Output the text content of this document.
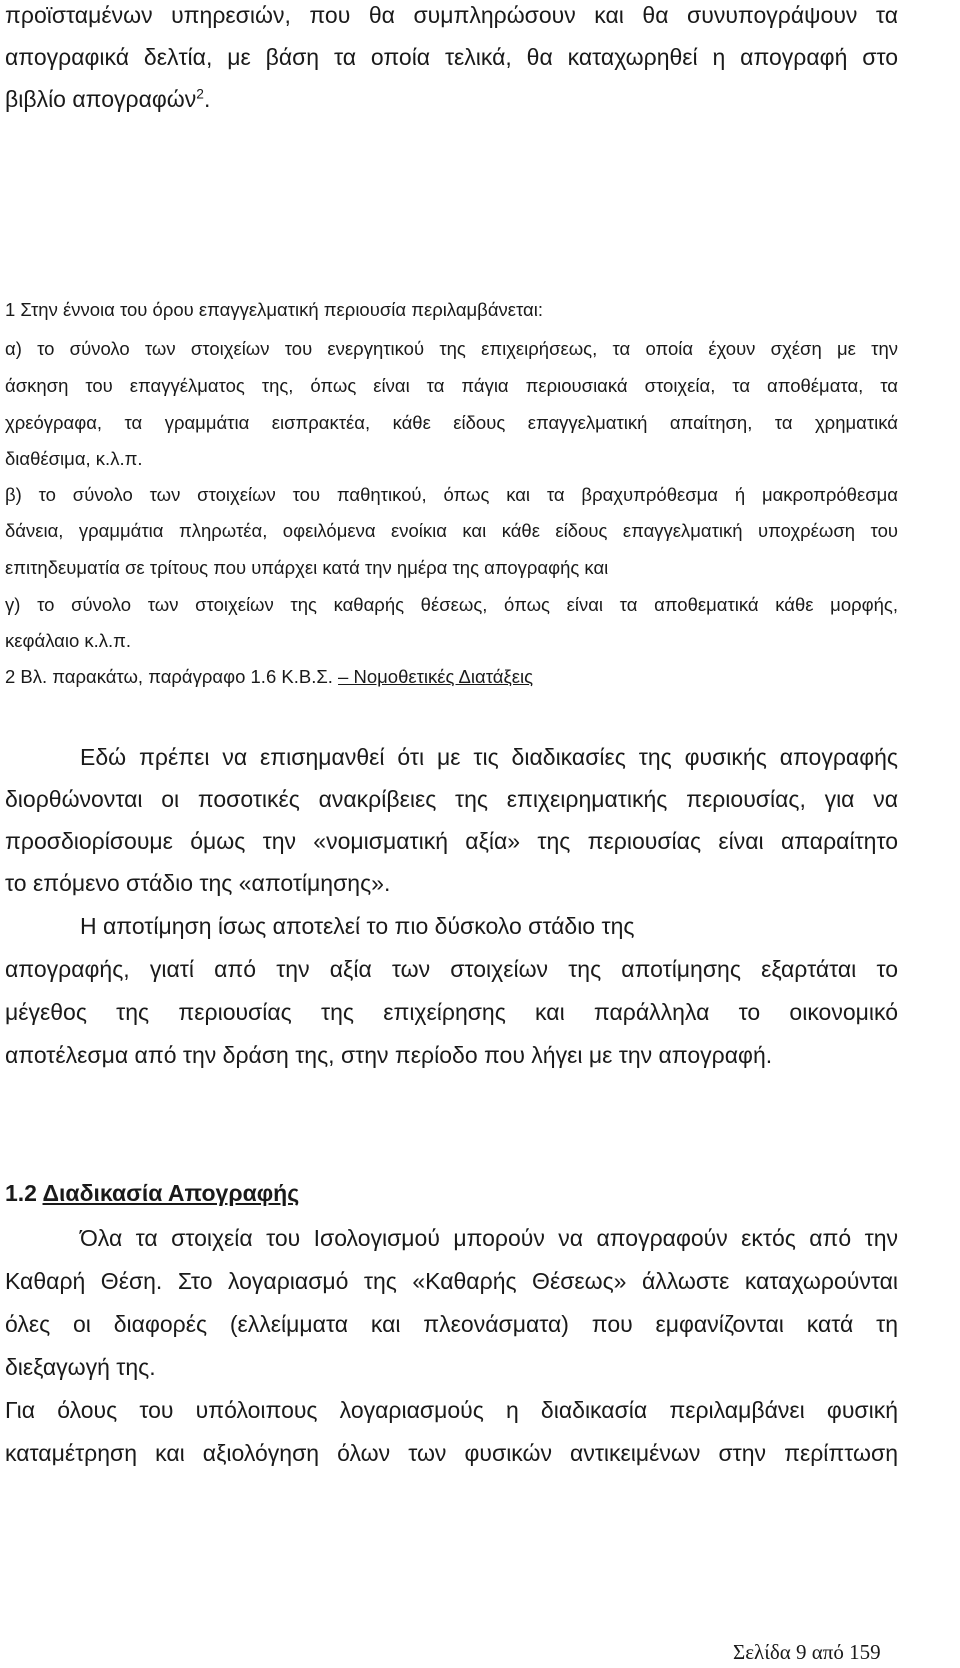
προϊσταμένων υπηρεσιών, που θα συμπληρώσουν και θα συνυπογράψουν τα

απογραφικά δελτία, με βάση τα οποία τελικά, θα καταχωρηθεί η απογραφή στο

βιβλίο απογραφών$^2$.

1 Στην έννοια του όρου επαγγελματική περιουσία περιλαμβάνεται:

α) το σύνολο των στοιχείων του ενεργητικού της επιχειρήσεως, τα οποία έχουν σχέση με την

άσκηση του επαγγέλματος της, όπως είναι τα πάγια περιουσιακά στοιχεία, τα αποθέματα, τα

χρεόγραφα, τα γραμμάτια εισπρακτέα, κάθε είδους επαγγελματική απαίτηση, τα χρηματικά

διαθέσιμα, κ.λ.π.

β) το σύνολο των στοιχείων του παθητικού, όπως και τα βραχυπρόθεσμα ή μακροπρόθεσμα

δάνεια, γραμμάτια πληρωτέα, οφειλόμενα ενοίκια και κάθε είδους επαγγελματική υποχρέωση του

επιτηδευματία σε τρίτους που υπάρχει κατά την ημέρα της απογραφής και

γ) το σύνολο των στοιχείων της καθαρής θέσεως, όπως είναι τα αποθεματικά κάθε μορφής,

κεφάλαιο κ.λ.π.

2 Βλ. παρακάτω, παράγραφο 1.6 Κ.Β.Σ. – Νομοθετικές Διατάξεις

Εδώ πρέπει να επισημανθεί ότι με τις διαδικασίες της φυσικής απογραφής

διορθώνονται οι ποσοτικές ανακρίβειες της επιχειρηματικής περιουσίας, για να

προσδιορίσουμε όμως την «νομισματική αξία» της περιουσίας είναι απαραίτητο

το επόμενο στάδιο της «αποτίμησης».

Η αποτίμηση ίσως αποτελεί το πιο δύσκολο στάδιο της

απογραφής, γιατί από την αξία των στοιχείων της αποτίμησης εξαρτάται το

μέγεθος της περιουσίας της επιχείρησης και παράλληλα το οικονομικό

αποτέλεσμα από την δράση της, στην περίοδο που λήγει με την απογραφή.

1.2 Διαδικασία Απογραφής

Όλα τα στοιχεία του Ισολογισμού μπορούν να απογραφούν εκτός από την

Καθαρή Θέση. Στο λογαριασμό της «Καθαρής Θέσεως» άλλωστε καταχωρούνται

όλες οι διαφορές (ελλείμματα και πλεονάσματα) που εμφανίζονται κατά τη

διεξαγωγή της.

Για όλους του υπόλοιπους λογαριασμούς η διαδικασία περιλαμβάνει φυσική

καταμέτρηση και αξιολόγηση όλων των φυσικών αντικειμένων στην περίπτωση

Σελίδα 9 από 159
